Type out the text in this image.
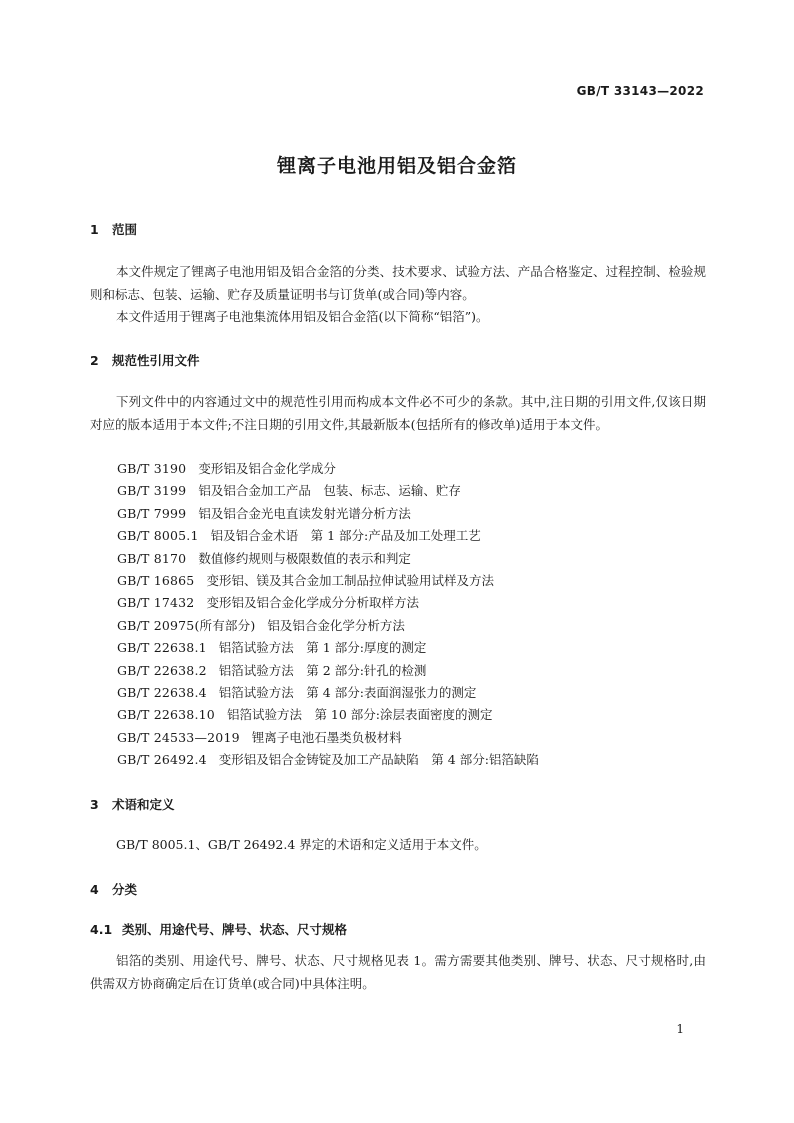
GB/T 33143—2022
锂离子电池用铝及铝合金箔
1 范围
本文件规定了锂离子电池用铝及铝合金箔的分类、技术要求、试验方法、产品合格鉴定、过程控制、检验规则和标志、包装、运输、贮存及质量证明书与订货单(或合同)等内容。
本文件适用于锂离子电池集流体用铝及铝合金箔(以下简称“铝箔”)。
2 规范性引用文件
下列文件中的内容通过文中的规范性引用而构成本文件必不可少的条款。其中,注日期的引用文件,仅该日期对应的版本适用于本文件;不注日期的引用文件,其最新版本(包括所有的修改单)适用于本文件。
GB/T 3190 变形铝及铝合金化学成分
GB/T 3199 铝及铝合金加工产品　包装、标志、运输、贮存
GB/T 7999 铝及铝合金光电直读发射光谱分析方法
GB/T 8005.1 铝及铝合金术语　第 1 部分:产品及加工处理工艺
GB/T 8170 数值修约规则与极限数值的表示和判定
GB/T 16865 变形铝、镁及其合金加工制品拉伸试验用试样及方法
GB/T 17432 变形铝及铝合金化学成分分析取样方法
GB/T 20975(所有部分) 铝及铝合金化学分析方法
GB/T 22638.1 铝箔试验方法　第 1 部分:厚度的测定
GB/T 22638.2 铝箔试验方法　第 2 部分:针孔的检测
GB/T 22638.4 铝箔试验方法　第 4 部分:表面润湿张力的测定
GB/T 22638.10 铝箔试验方法　第 10 部分:涂层表面密度的测定
GB/T 24533—2019 锂离子电池石墨类负极材料
GB/T 26492.4 变形铝及铝合金铸锭及加工产品缺陷　第 4 部分:铝箔缺陷
3 术语和定义
GB/T 8005.1、GB/T 26492.4 界定的术语和定义适用于本文件。
4 分类
4.1 类别、用途代号、牌号、状态、尺寸规格
铝箔的类别、用途代号、牌号、状态、尺寸规格见表 1。需方需要其他类别、牌号、状态、尺寸规格时,由供需双方协商确定后在订货单(或合同)中具体注明。
1
